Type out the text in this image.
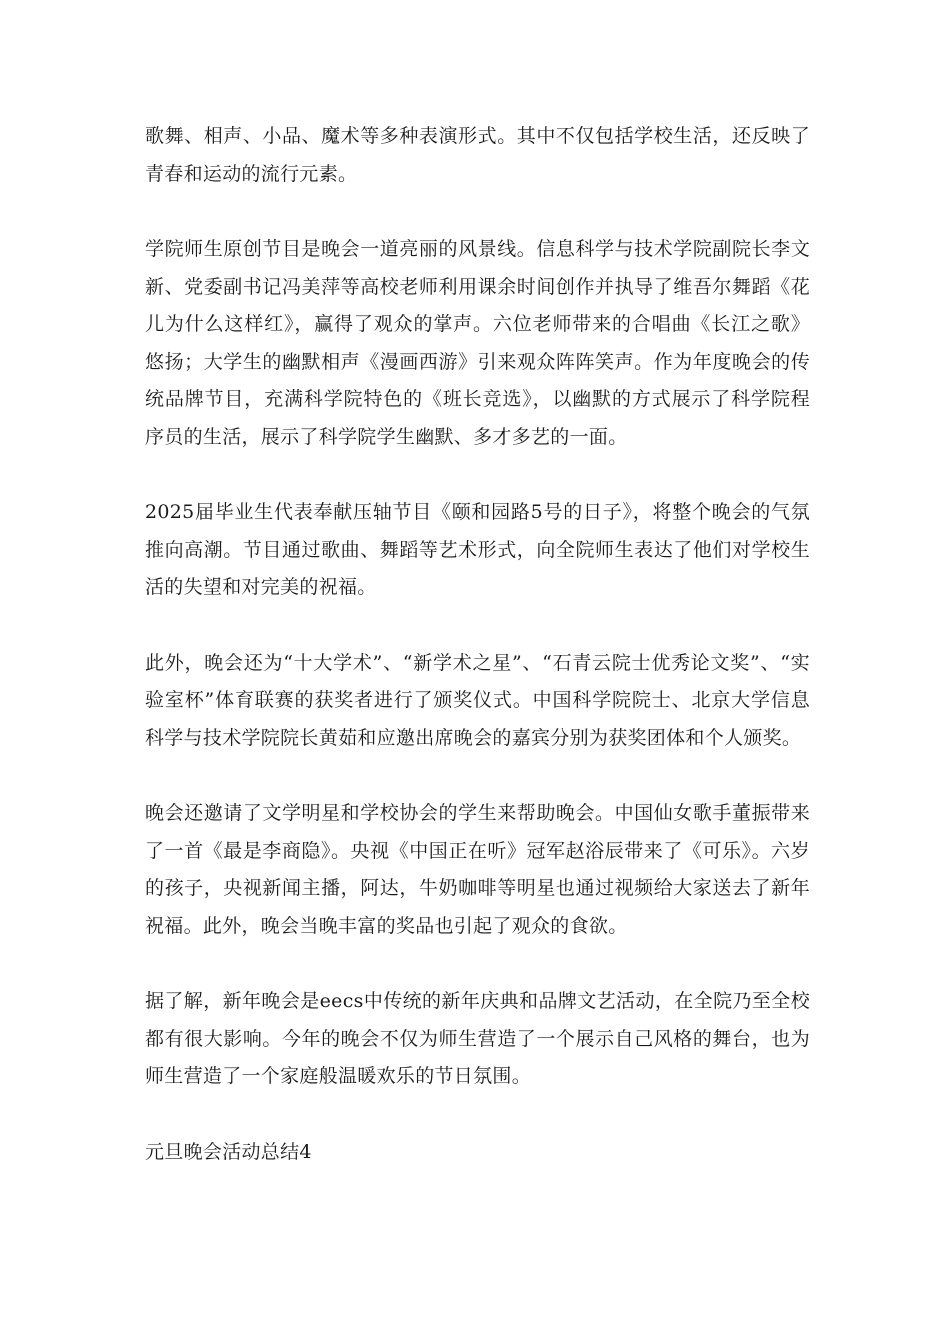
歌舞、相声、小品、魔术等多种表演形式。其中不仅包括学校生活，还反映了青春和运动的流行元素。

学院师生原创节目是晚会一道亮丽的风景线。信息科学与技术学院副院长李文新、党委副书记冯美萍等高校老师利用课余时间创作并执导了维吾尔舞蹈《花儿为什么这样红》，赢得了观众的掌声。六位老师带来的合唱曲《长江之歌》悠扬；大学生的幽默相声《漫画西游》引来观众阵阵笑声。作为年度晚会的传统品牌节目，充满科学院特色的《班长竞选》，以幽默的方式展示了科学院程序员的生活，展示了科学院学生幽默、多才多艺的一面。

2025届毕业生代表奉献压轴节目《颐和园路5号的日子》，将整个晚会的气氛推向高潮。节目通过歌曲、舞蹈等艺术形式，向全院师生表达了他们对学校生活的失望和对完美的祝福。

此外，晚会还为“十大学术”、“新学术之星”、“石青云院士优秀论文奖”、“实验室杯”体育联赛的获奖者进行了颁奖仪式。中国科学院院士、北京大学信息科学与技术学院院长黄茹和应邀出席晚会的嘉宾分别为获奖团体和个人颁奖。

晚会还邀请了文学明星和学校协会的学生来帮助晚会。中国仙女歌手董振带来了一首《最是李商隐》。央视《中国正在听》冠军赵浴辰带来了《可乐》。六岁的孩子，央视新闻主播，阿达，牛奶咖啡等明星也通过视频给大家送去了新年祝福。此外，晚会当晚丰富的奖品也引起了观众的食欲。

据了解，新年晚会是eecs中传统的新年庆典和品牌文艺活动，在全院乃至全校都有很大影响。今年的晚会不仅为师生营造了一个展示自己风格的舞台，也为师生营造了一个家庭般温暖欢乐的节日氛围。

元旦晚会活动总结4
